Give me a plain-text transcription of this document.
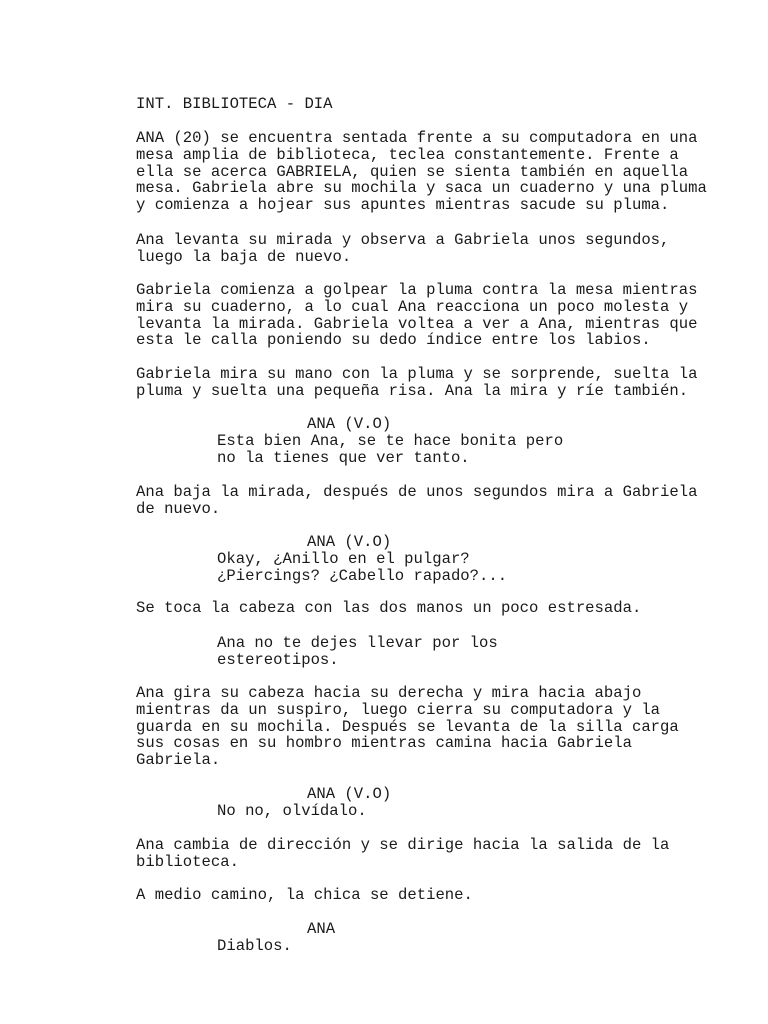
INT. BIBLIOTECA - DIA
ANA (20) se encuentra sentada frente a su computadora en una
mesa amplia de biblioteca, teclea constantemente. Frente a
ella se acerca GABRIELA, quien se sienta también en aquella
mesa. Gabriela abre su mochila y saca un cuaderno y una pluma
y comienza a hojear sus apuntes mientras sacude su pluma.
Ana levanta su mirada y observa a Gabriela unos segundos,
luego la baja de nuevo.
Gabriela comienza a golpear la pluma contra la mesa mientras
mira su cuaderno, a lo cual Ana reacciona un poco molesta y
levanta la mirada. Gabriela voltea a ver a Ana, mientras que
esta le calla poniendo su dedo índice entre los labios.
Gabriela mira su mano con la pluma y se sorprende, suelta la
pluma y suelta una pequeña risa. Ana la mira y ríe también.
ANA (V.O)
Esta bien Ana, se te hace bonita pero
no la tienes que ver tanto.
Ana baja la mirada, después de unos segundos mira a Gabriela
de nuevo.
ANA (V.O)
Okay, ¿Anillo en el pulgar?
¿Piercings? ¿Cabello rapado?...
Se toca la cabeza con las dos manos un poco estresada.
Ana no te dejes llevar por los
estereotipos.
Ana gira su cabeza hacia su derecha y mira hacia abajo
mientras da un suspiro, luego cierra su computadora y la
guarda en su mochila. Después se levanta de la silla carga
sus cosas en su hombro mientras camina hacia Gabriela
Gabriela.
ANA (V.O)
No no, olvídalo.
Ana cambia de dirección y se dirige hacia la salida de la
biblioteca.
A medio camino, la chica se detiene.
ANA
Diablos.
